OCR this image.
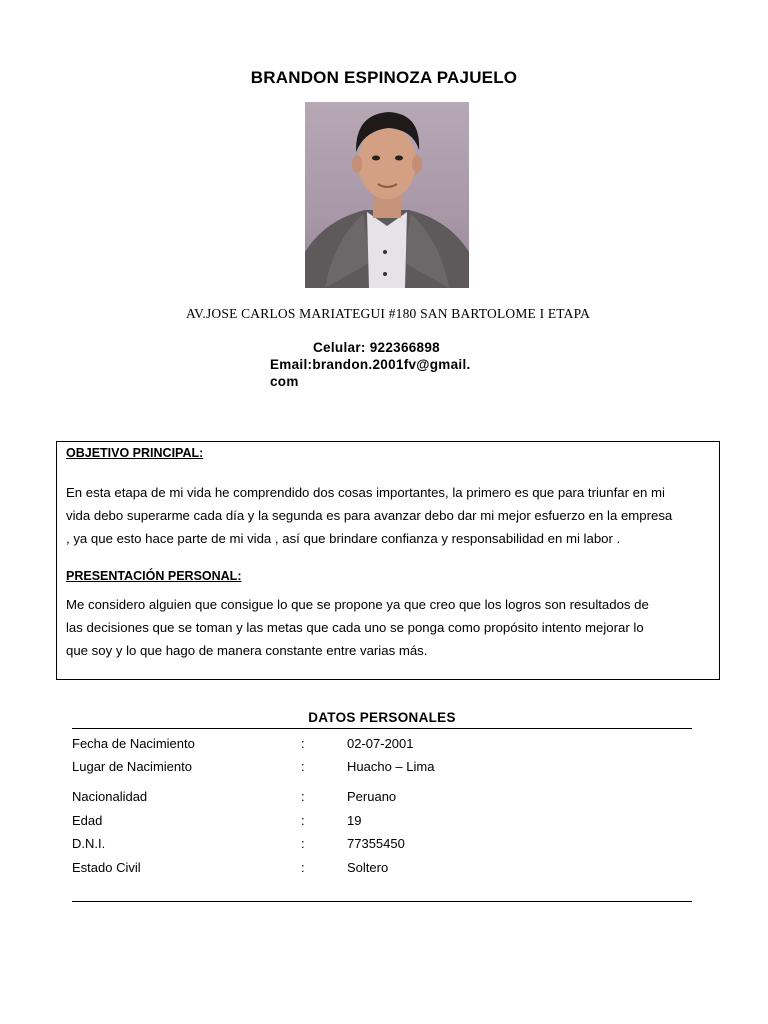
BRANDON ESPINOZA PAJUELO
AV.JOSE CARLOS MARIATEGUI #180 SAN BARTOLOME I ETAPA
Celular: 922366898
Email:brandon.2001fv@gmail.
com
OBJETIVO PRINCIPAL:
En esta etapa de mi vida he comprendido dos cosas importantes, la primero es que para triunfar en mi
vida debo superarme cada día y la segunda es para avanzar debo dar mi mejor esfuerzo en la empresa
, ya que esto hace parte de mi vida , así que brindare confianza y responsabilidad en mi labor .
PRESENTACIÓN PERSONAL:
Me considero alguien que consigue lo que se propone ya que creo que los logros son resultados de
las decisiones que se toman y las metas que cada uno se ponga como propósito intento mejorar lo
que soy y lo que hago de manera constante entre varias más.
DATOS PERSONALES
Fecha de Nacimiento	:	02-07-2001
Lugar de Nacimiento	:	Huacho – Lima
Nacionalidad	:	Peruano
Edad	:	19
D.N.I.	:	77355450
Estado Civil	:	Soltero
